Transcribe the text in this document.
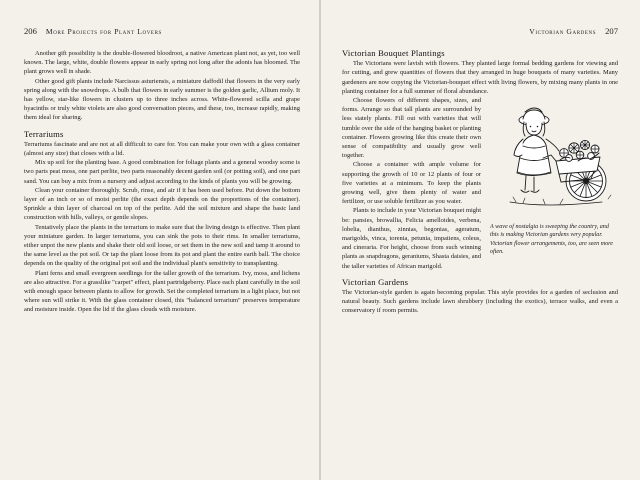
206 More Projects for Plant Lovers

Another gift possibility is the double-flowered bloodroot, a native American plant not, as yet, too well known. The large, white, double flowers appear in early spring not long after the adonis has bloomed. The plant grows well in shade.

Other good gift plants include Narcissus asturiensis, a miniature daffodil that flowers in the very early spring along with the snowdrops. A bulb that flowers in early summer is the golden garlic, Allium moly. It has yellow, star-like flowers in clusters up to three inches across. White-flowered scilla and grape hyacinths or truly white violets are also good conversation pieces, and these, too, increase rapidly, making them ideal for sharing.

Terrariums

Terrariums fascinate and are not at all difficult to care for. You can make your own with a glass container (almost any size) that closes with a lid.

Mix up soil for the planting base. A good combination for foliage plants and a general woodsy scene is two parts peat moss, one part perlite, two parts reasonably decent garden soil (or potting soil), and one part sand. You can buy a mix from a nursery and adjust according to the kinds of plants you will be growing.

Clean your container thoroughly. Scrub, rinse, and air if it has been used before. Put down the bottom layer of an inch or so of moist perlite (the exact depth depends on the proportions of the container). Sprinkle a thin layer of charcoal on top of the perlite. Add the soil mixture and shape the basic land construction with hills, valleys, or gentle slopes.

Tentatively place the plants in the terrarium to make sure that the living design is effective. Then plant your miniature garden. In larger terrariums, you can sink the pots to their rims. In smaller terrariums, either unpot the new plants and shake their old soil loose, or set them in the new soil and tamp it around to the same level as the pot soil. Or tap the plant loose from its pot and plant the entire earth ball. The choice depends on the quality of the original pot soil and the individual plant's sensitivity to transplanting.

Plant ferns and small evergreen seedlings for the taller growth of the terrarium. Ivy, moss, and lichens are also attractive. For a grasslike "carpet" effect, plant partridgeberry. Place each plant carefully in the soil with enough space between plants to allow for growth. Set the completed terrarium in a light place, but not where sun will strike it. With the glass container closed, this "balanced terrarium" preserves temperature and moisture inside. Open the lid if the glass clouds with moisture.

Victorian Gardens 207
Victorian Bouquet Plantings

The Victorians were lavish with flowers. They planted large formal bedding gardens for viewing and for cutting, and grew quantities of flowers that they arranged in huge bouquets of many varieties. Many gardeners are now copying the Victorian-bouquet effect with living flowers, by mixing many plants in one planting container for a full summer of floral abundance.

A wave of nostalgia is sweeping the country, and this is making Victorian gardens very popular. Victorian flower arrangements, too, are seen more often.

Choose flowers of different shapes, sizes, and forms. Arrange so that tall plants are surrounded by less stately plants. Fill out with varieties that will tumble over the side of the hanging basket or planting container. Flowers growing like this create their own sense of compatibility and usually grow well together.

Choose a container with ample volume for supporting the growth of 10 or 12 plants of four or five varieties at a minimum. To keep the plants growing well, give them plenty of water and fertilizer, or use soluble fertilizer as you water.

Plants to include in your Victorian bouquet might be: pansies, browallia, Felicia amelloides, verbena, lobelia, dianthus, zinnias, begonias, ageratum, marigolds, vinca, torenia, petunia, impatiens, coleus, and cineraria. For height, choose from such winning plants as snapdragons, geraniums, Shasta daisies, and the taller varieties of African marigold.

Victorian Gardens

The Victorian-style garden is again becoming popular. This style provides for a garden of seclusion and natural beauty. Such gardens include lawn shrubbery (including the exotics), terrace walks, and even a conservatory if room permits.
